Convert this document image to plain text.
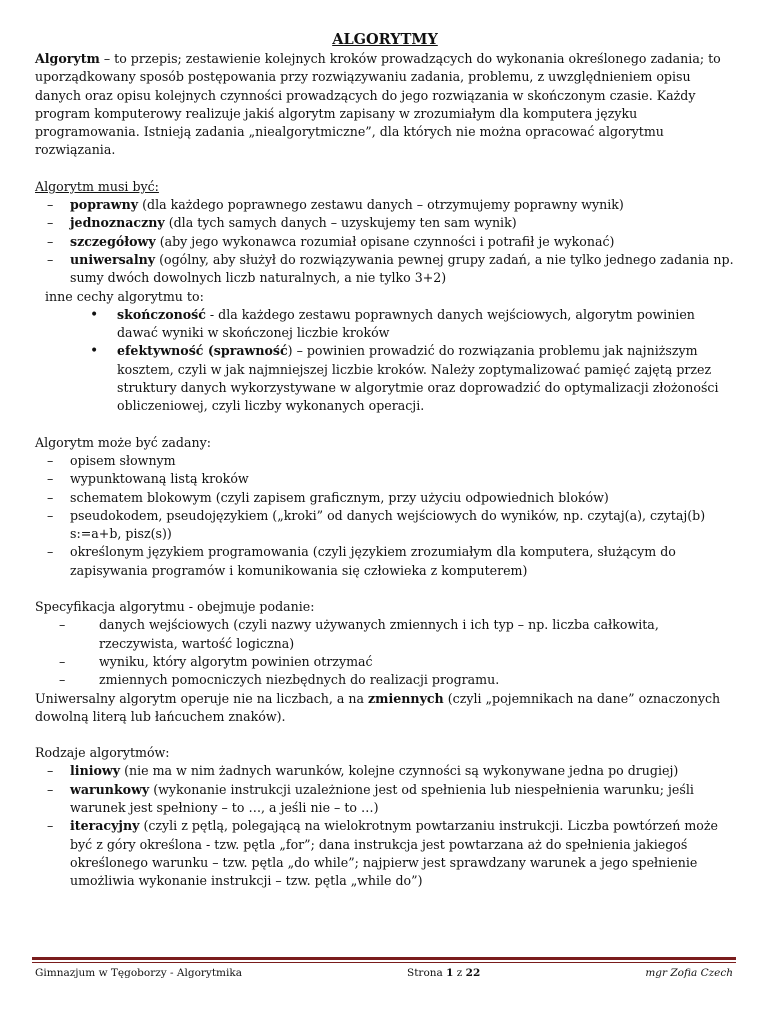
ALGORYTMY

Algorytm – to przepis; zestawienie kolejnych kroków prowadzących do wykonania określonego zadania; to uporządkowany sposób postępowania przy rozwiązywaniu zadania, problemu, z uwzględnieniem opisu danych oraz opisu kolejnych czynności prowadzących do jego rozwiązania w skończonym czasie. Każdy program komputerowy realizuje jakiś algorytm zapisany w zrozumiałym dla komputera języku programowania. Istnieją zadania „niealgorytmiczne”, dla których nie można opracować algorytmu rozwiązania.

Algorytm musi być:

– poprawny (dla każdego poprawnego zestawu danych – otrzymujemy poprawny wynik)
– jednoznaczny (dla tych samych danych – uzyskujemy ten sam wynik)
– szczegółowy (aby jego wykonawca rozumiał opisane czynności i potrafił je wykonać)
– uniwersalny (ogólny, aby służył do rozwiązywania pewnej grupy zadań, a nie tylko jednego zadania np. sumy dwóch dowolnych liczb naturalnych, a nie tylko 3+2)

inne cechy algorytmu to:

• skończoność - dla każdego zestawu poprawnych danych wejściowych, algorytm powinien dawać wyniki w skończonej liczbie kroków
• efektywność (sprawność) – powinien prowadzić do rozwiązania problemu jak najniższym kosztem, czyli w jak najmniejszej liczbie kroków. Należy zoptymalizować pamięć zajętą przez struktury danych wykorzystywane w algorytmie oraz doprowadzić do optymalizacji złożoności obliczeniowej, czyli liczby wykonanych operacji.

Algorytm może być zadany:

– opisem słownym
– wypunktowaną listą kroków
– schematem blokowym (czyli zapisem graficznym, przy użyciu odpowiednich bloków)
– pseudokodem, pseudojęzykiem („kroki” od danych wejściowych do wyników, np. czytaj(a), czytaj(b) s:=a+b, pisz(s))
– określonym językiem programowania (czyli językiem zrozumiałym dla komputera, służącym do zapisywania programów i komunikowania się człowieka z komputerem)

Specyfikacja algorytmu - obejmuje podanie:

– danych wejściowych (czyli nazwy używanych zmiennych i ich typ – np. liczba całkowita, rzeczywista, wartość logiczna)
– wyniku, który algorytm powinien otrzymać
– zmiennych pomocniczych niezbędnych do realizacji programu.

Uniwersalny algorytm operuje nie na liczbach, a na zmiennych (czyli „pojemnikach na dane” oznaczonych dowolną literą lub łańcuchem znaków).

Rodzaje algorytmów:

– liniowy (nie ma w nim żadnych warunków, kolejne czynności są wykonywane jedna po drugiej)
– warunkowy (wykonanie instrukcji uzależnione jest od spełnienia lub niespełnienia warunku; jeśli warunek jest spełniony – to …, a jeśli nie – to …)
– iteracyjny (czyli z pętlą, polegającą na wielokrotnym powtarzaniu instrukcji. Liczba powtórzeń może być z góry określona - tzw. pętla „for”; dana instrukcja jest powtarzana aż do spełnienia jakiegoś określonego warunku – tzw. pętla „do while”; najpierw jest sprawdzany warunek a jego spełnienie umożliwia wykonanie instrukcji – tzw. pętla „while do”)
Gimnazjum w Tęgoborzy - Algorytmika	Strona 1 z 22	mgr Zofia Czech
